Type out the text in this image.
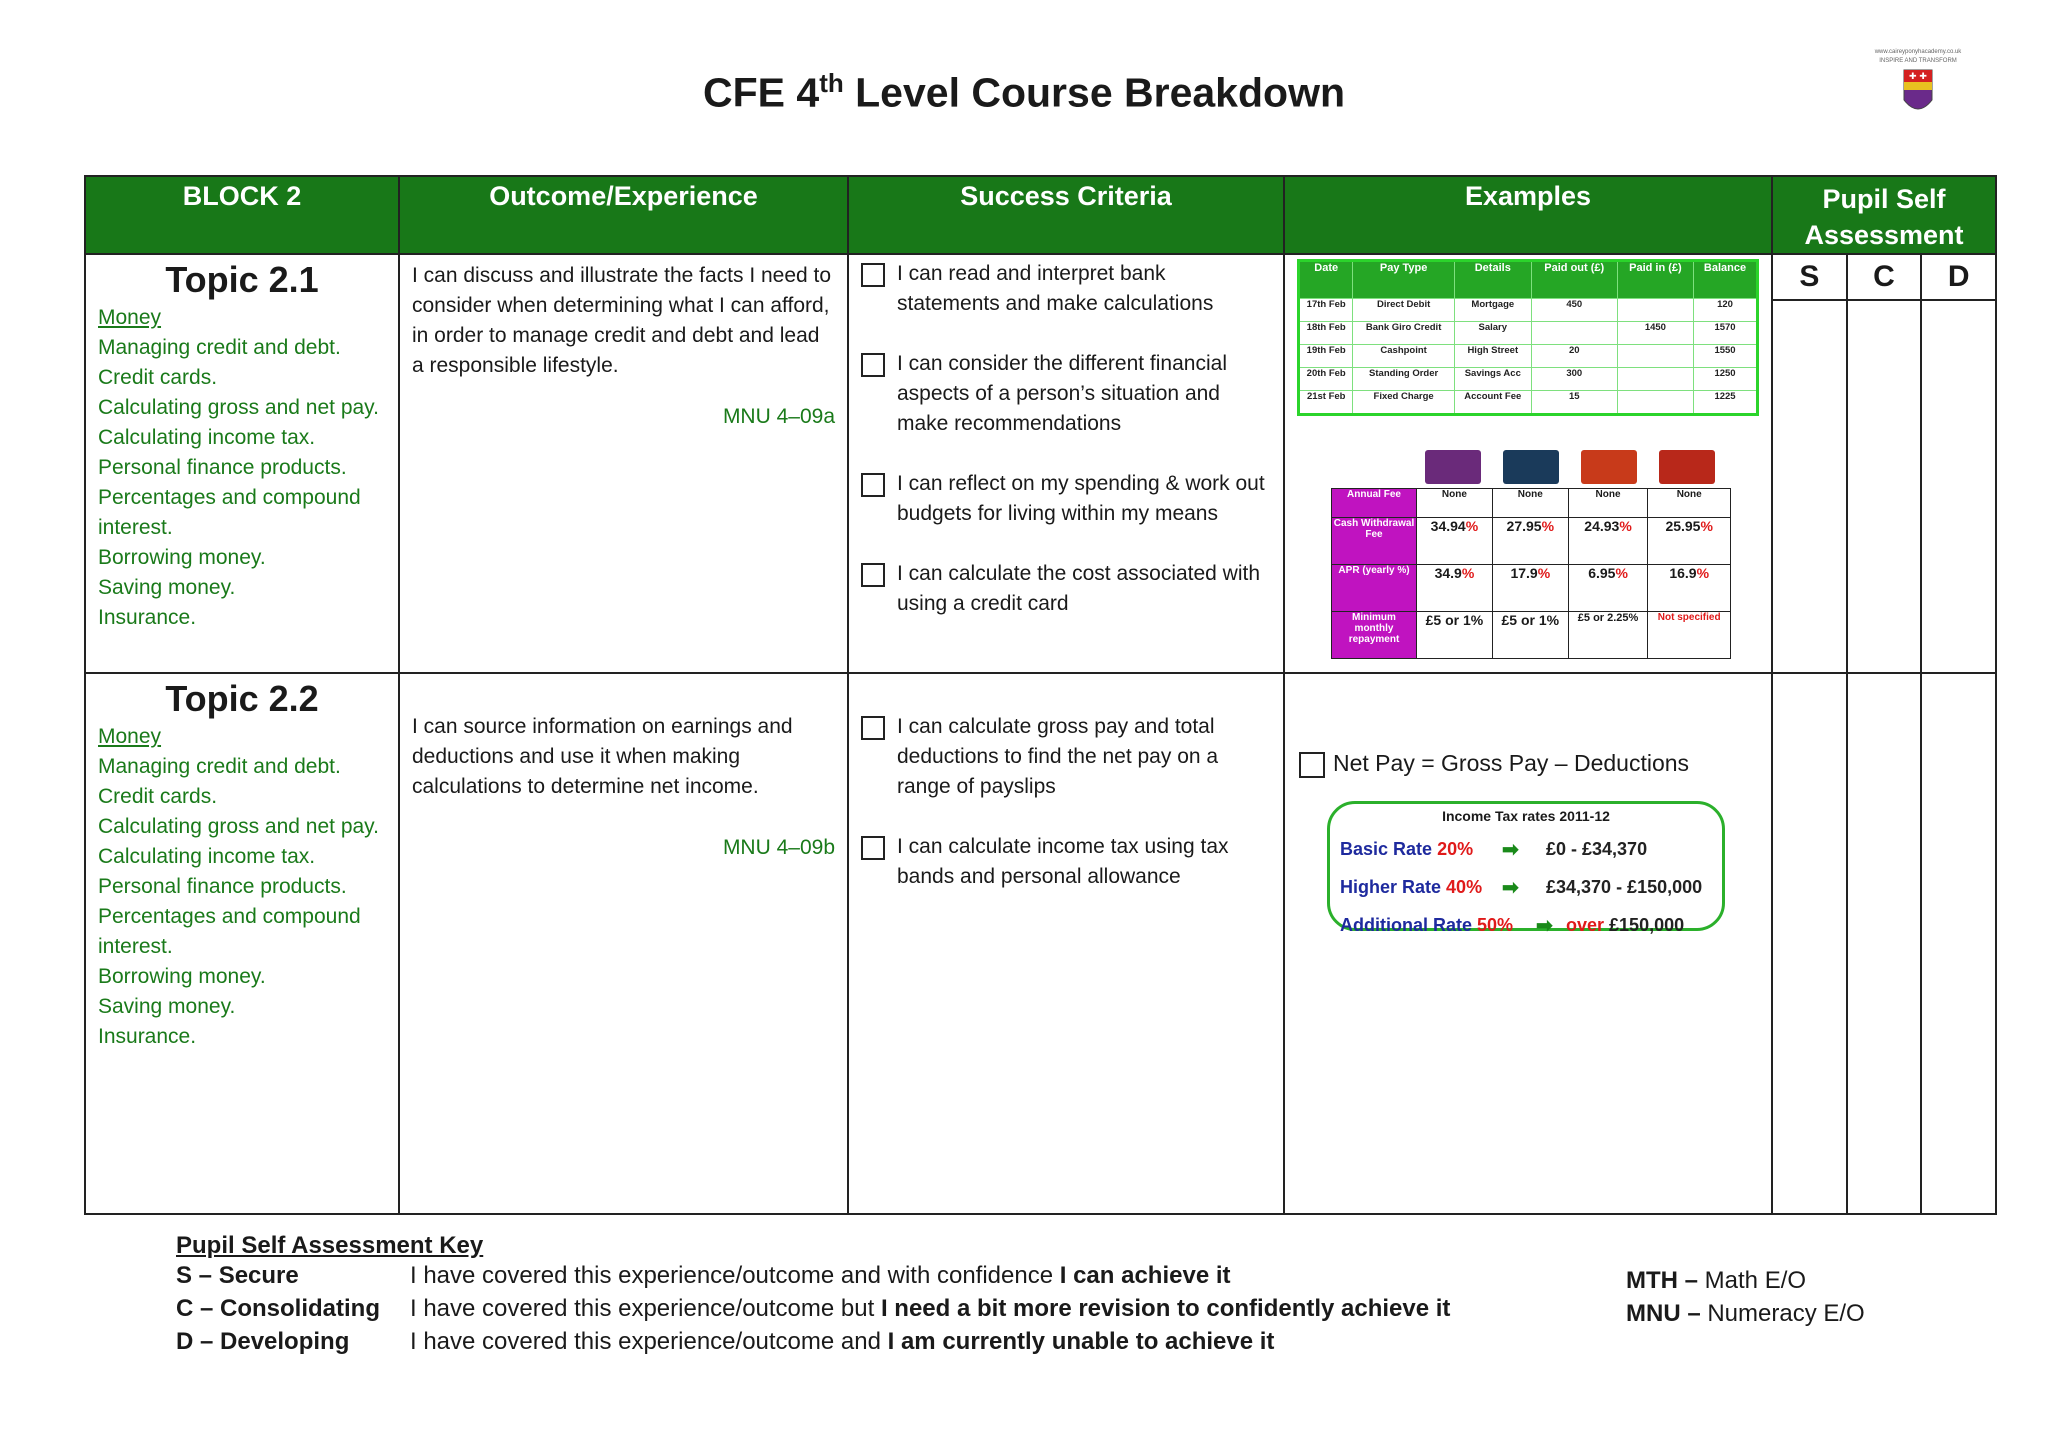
CFE 4th Level Course Breakdown
www.caireyponyhacademy.co.uk
INSPIRE AND TRANSFORM
✚ ✚
BLOCK 2	Outcome/Experience	Success Criteria	Examples	Pupil Self Assessment

Topic 2.1
Money
Managing credit and debt.
Credit cards.
Calculating gross and net pay.
Calculating income tax.
Personal finance products.
Percentages and compound interest.
Borrowing money.
Saving money.
Insurance.

I can discuss and illustrate the facts I need to consider when determining what I can afford, in order to manage credit and debt and lead a responsible lifestyle.
MNU 4–09a

I can read and interpret bank statements and make calculations
I can consider the different financial aspects of a person’s situation and make recommendations
I can reflect on my spending & work out budgets for living within my means
I can calculate the cost associated with using a credit card

Date	Pay Type	Details	Paid out (£)	Paid in (£)	Balance
17th Feb	Direct Debit	Mortgage	450		120
18th Feb	Bank Giro Credit	Salary		1450	1570
19th Feb	Cashpoint	High Street	20		1550
20th Feb	Standing Order	Savings Acc	300		1250
21st Feb	Fixed Charge	Account Fee	15		1225
Annual Fee	None	None	None	None
Cash Withdrawal Fee	34.94%	27.95%	24.93%	25.95%
APR (yearly %)	34.9%	17.9%	6.95%	16.9%
Minimum monthly repayment	£5 or 1%	£5 or 1%	£5 or 2.25%	Not specified

S	C	D

Topic 2.2
Money
Managing credit and debt.
Credit cards.
Calculating gross and net pay.
Calculating income tax.
Personal finance products.
Percentages and compound interest.
Borrowing money.
Saving money.
Insurance.

I can source information on earnings and deductions and use it when making calculations to determine net income.
MNU 4–09b

I can calculate gross pay and total deductions to find the net pay on a range of payslips
I can calculate income tax using tax bands and personal allowance

Net Pay = Gross Pay – Deductions
Income Tax rates 2011-12
Basic Rate 20%	➡	£0 - £34,370
Higher Rate 40% ➡	£34,370 - £150,000
Additional Rate 50%	➡ over £150,000

Pupil Self Assessment Key
S – Secure	I have covered this experience/outcome and with confidence I can achieve it
C – Consolidating	I have covered this experience/outcome but I need a bit more revision to confidently achieve it
D – Developing	I have covered this experience/outcome and I am currently unable to achieve it
MTH – Math E/O
MNU – Numeracy E/O
